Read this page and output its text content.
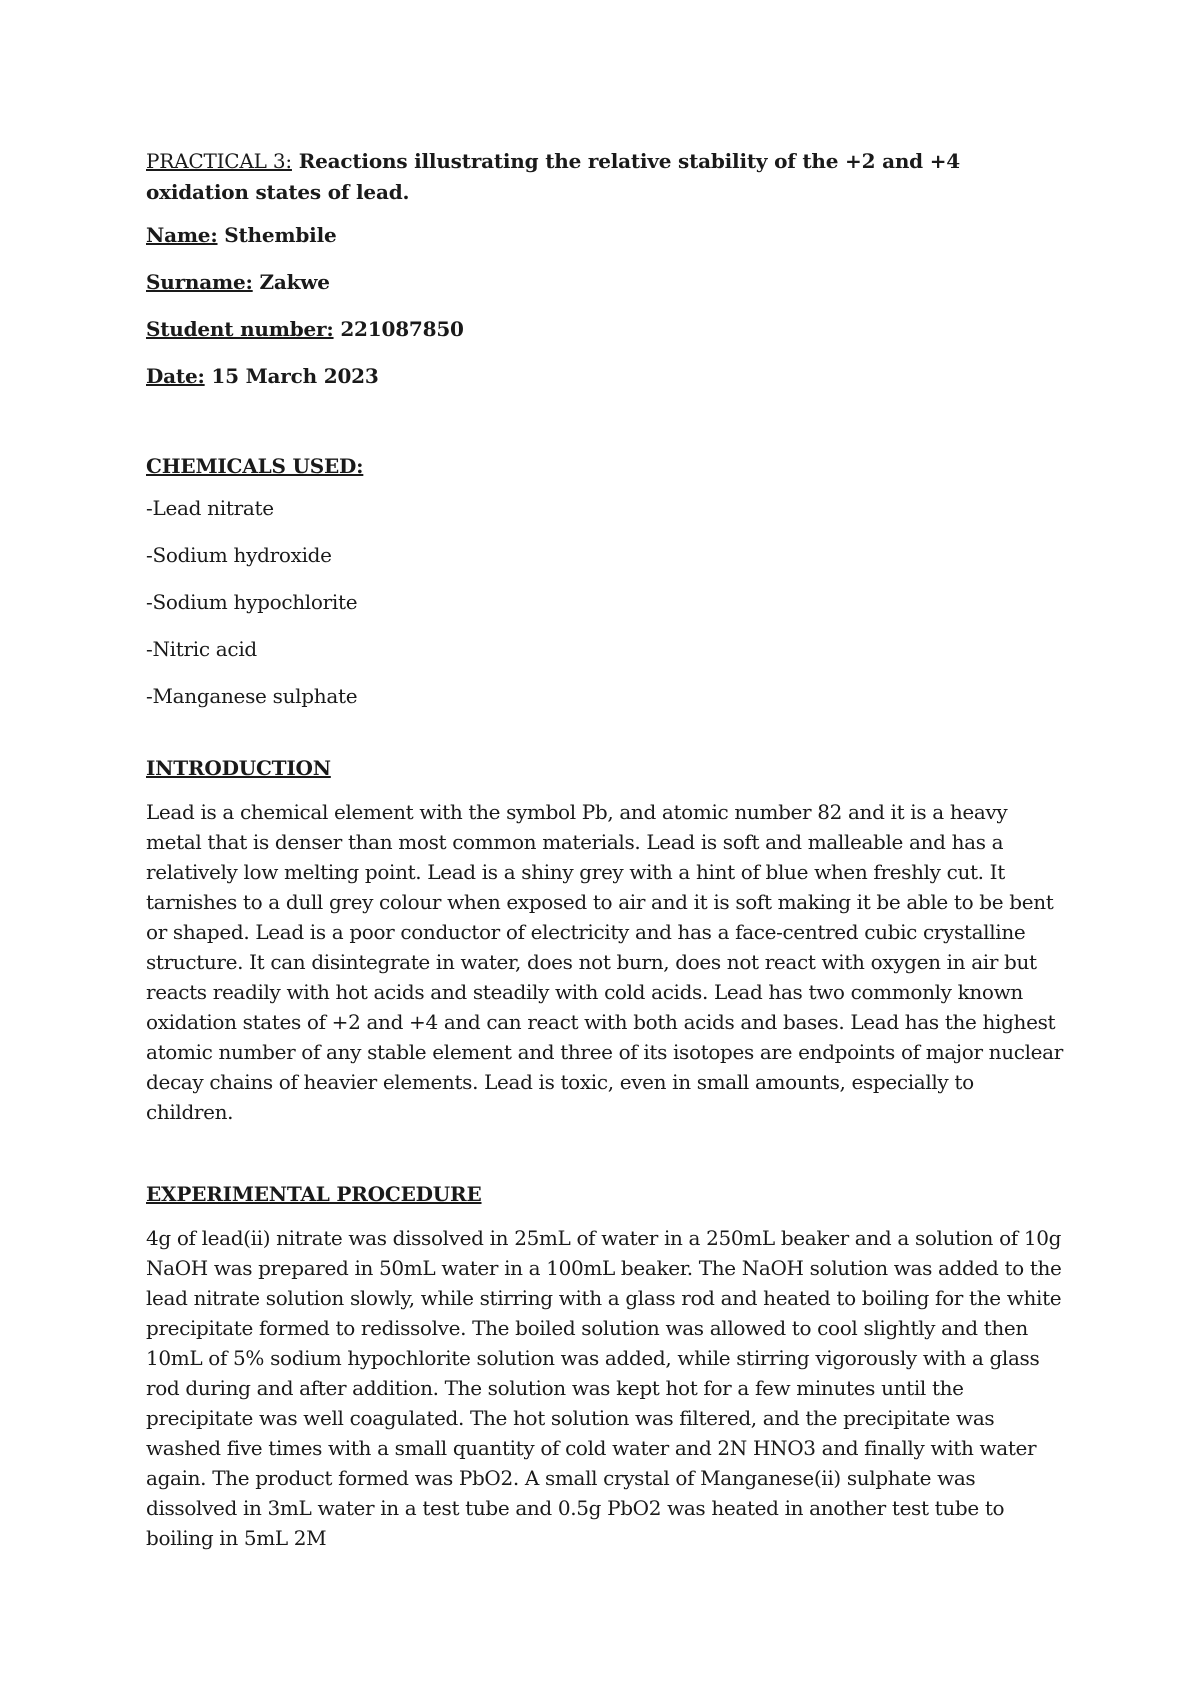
PRACTICAL 3: Reactions illustrating the relative stability of the +2 and +4 oxidation states of lead.

Name: Sthembile

Surname: Zakwe

Student number: 221087850

Date: 15 March 2023

CHEMICALS USED:

-Lead nitrate

-Sodium hydroxide

-Sodium hypochlorite

-Nitric acid

-Manganese sulphate

INTRODUCTION

Lead is a chemical element with the symbol Pb, and atomic number 82 and it is a heavy metal that is denser than most common materials. Lead is soft and malleable and has a relatively low melting point. Lead is a shiny grey with a hint of blue when freshly cut. It tarnishes to a dull grey colour when exposed to air and it is soft making it be able to be bent or shaped. Lead is a poor conductor of electricity and has a face-centred cubic crystalline structure. It can disintegrate in water, does not burn, does not react with oxygen in air but reacts readily with hot acids and steadily with cold acids. Lead has two commonly known oxidation states of +2 and +4 and can react with both acids and bases. Lead has the highest atomic number of any stable element and three of its isotopes are endpoints of major nuclear decay chains of heavier elements. Lead is toxic, even in small amounts, especially to children.

EXPERIMENTAL PROCEDURE

4g of lead(ii) nitrate was dissolved in 25mL of water in a 250mL beaker and a solution of 10g NaOH was prepared in 50mL water in a 100mL beaker. The NaOH solution was added to the lead nitrate solution slowly, while stirring with a glass rod and heated to boiling for the white precipitate formed to redissolve. The boiled solution was allowed to cool slightly and then 10mL of 5% sodium hypochlorite solution was added, while stirring vigorously with a glass rod during and after addition. The solution was kept hot for a few minutes until the precipitate was well coagulated. The hot solution was filtered, and the precipitate was washed five times with a small quantity of cold water and 2N HNO3 and finally with water again. The product formed was PbO2. A small crystal of Manganese(ii) sulphate was dissolved in 3mL water in a test tube and 0.5g PbO2 was heated in another test tube to boiling in 5mL 2M
